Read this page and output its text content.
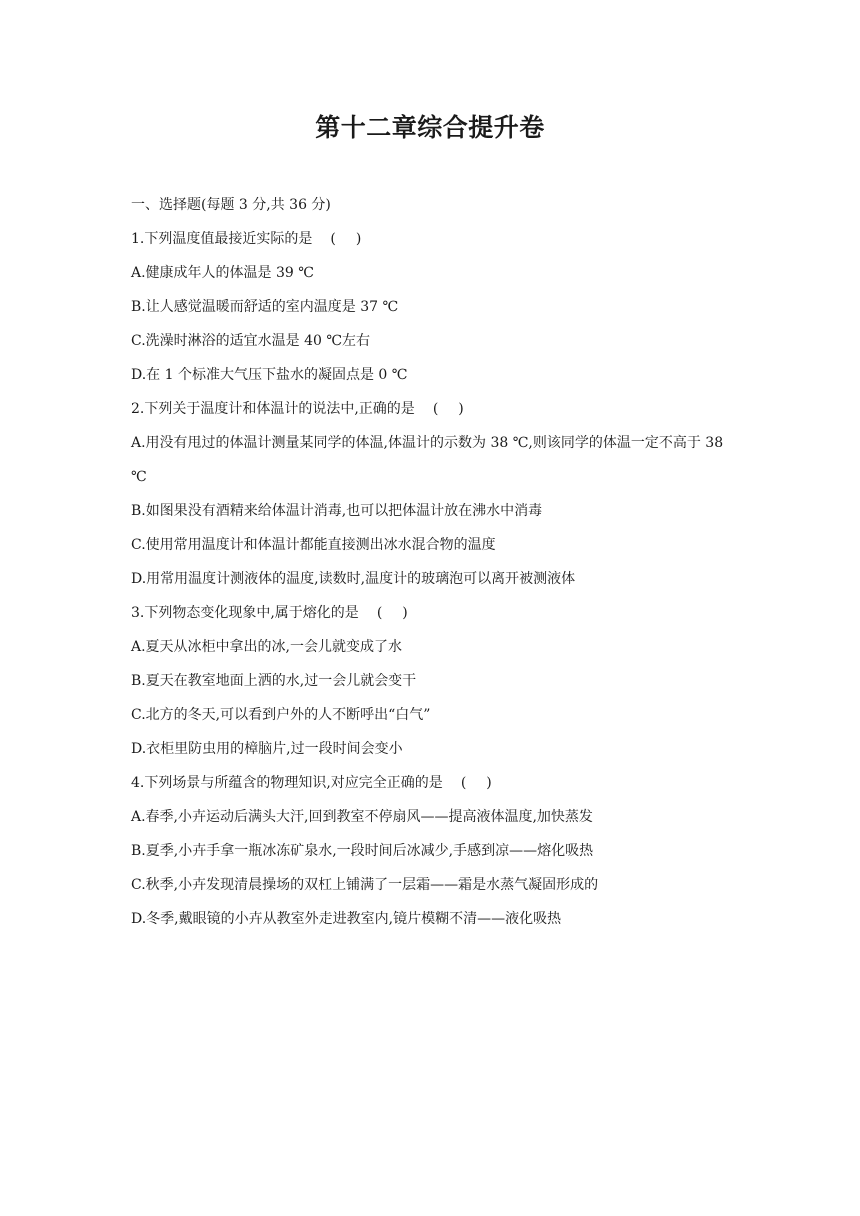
第十二章综合提升卷

一、选择题(每题 3 分,共 36 分)

1.下列温度值最接近实际的是 ( )

A.健康成年人的体温是 39 ℃

B.让人感觉温暖而舒适的室内温度是 37 ℃

C.洗澡时淋浴的适宜水温是 40 ℃左右

D.在 1 个标准大气压下盐水的凝固点是 0 ℃

2.下列关于温度计和体温计的说法中,正确的是 ( )

A.用没有甩过的体温计测量某同学的体温,体温计的示数为 38 ℃,则该同学的体温一定不高于 38 ℃

B.如图果没有酒精来给体温计消毒,也可以把体温计放在沸水中消毒

C.使用常用温度计和体温计都能直接测出冰水混合物的温度

D.用常用温度计测液体的温度,读数时,温度计的玻璃泡可以离开被测液体

3.下列物态变化现象中,属于熔化的是 ( )

A.夏天从冰柜中拿出的冰,一会儿就变成了水

B.夏天在教室地面上洒的水,过一会儿就会变干

C.北方的冬天,可以看到户外的人不断呼出“白气”

D.衣柜里防虫用的樟脑片,过一段时间会变小

4.下列场景与所蕴含的物理知识,对应完全正确的是 ( )

A.春季,小卉运动后满头大汗,回到教室不停扇风——提高液体温度,加快蒸发

B.夏季,小卉手拿一瓶冰冻矿泉水,一段时间后冰减少,手感到凉——熔化吸热

C.秋季,小卉发现清晨操场的双杠上铺满了一层霜——霜是水蒸气凝固形成的

D.冬季,戴眼镜的小卉从教室外走进教室内,镜片模糊不清——液化吸热
